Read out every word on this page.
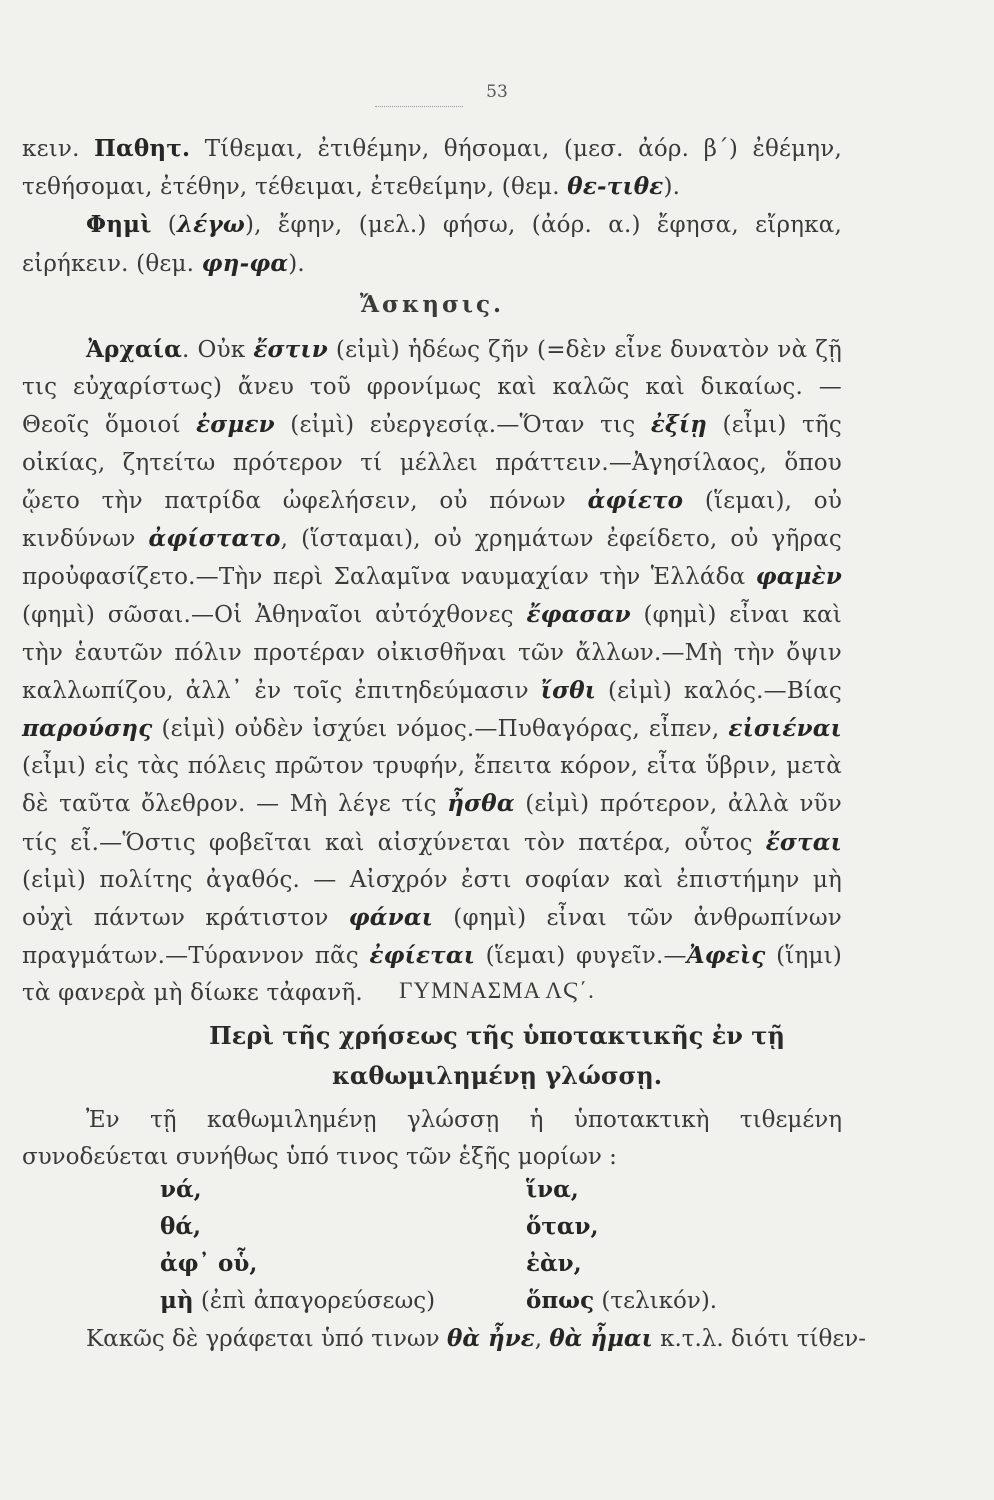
53

κειν. Παθητ. Τίθεμαι, ἐτιθέμην, θήσομαι, (μεσ. ἀόρ. β΄) ἐθέμην, τεθήσομαι, ἐτέθην, τέθειμαι, ἐτεθείμην, (θεμ. θε-τιθε).

Φημὶ (λέγω), ἔφην, (μελ.) φήσω, (ἀόρ. α.) ἔφησα, εἴρηκα, εἰρήκειν. (θεμ. φη-φα).

Ἄσκησις.

Ἀρχαία. Οὐκ ἔστιν (εἰμὶ) ἡδέως ζῆν (=δὲν εἶνε δυνατὸν νὰ ζῇ τις εὐχαρίστως) ἄνευ τοῦ φρονίμως καὶ καλῶς καὶ δικαίως. — Θεοῖς ὅμοιοί ἐσμεν (εἰμὶ) εὐεργεσίᾳ.—Ὅταν τις ἐξίῃ (εἶμι) τῆς οἰκίας, ζητείτω πρότερον τί μέλλει πράττειν.—Ἀγησίλαος, ὅπου ᾤετο τὴν πατρίδα ὠφελήσειν, οὐ πόνων ἀφίετο (ἵεμαι), οὐ κινδύνων ἀφίστατο, (ἵσταμαι), οὐ χρημάτων ἐφείδετο, οὐ γῆρας προὐφασίζετο.—Τὴν περὶ Σαλαμῖνα ναυμαχίαν τὴν Ἑλλάδα φαμὲν (φημὶ) σῶσαι.—Οἱ Ἀθηναῖοι αὐτόχθονες ἔφασαν (φημὶ) εἶναι καὶ τὴν ἑαυτῶν πόλιν προτέραν οἰκισθῆναι τῶν ἄλλων.—Μὴ τὴν ὄψιν καλλωπίζου, ἀλλ᾽ ἐν τοῖς ἐπιτηδεύμασιν ἴσθι (εἰμὶ) καλός.—Βίας παρούσης (εἰμὶ) οὐδὲν ἰσχύει νόμος.—Πυθαγόρας, εἶπεν, εἰσιέναι (εἶμι) εἰς τὰς πόλεις πρῶτον τρυφήν, ἔπειτα κόρον, εἶτα ὕβριν, μετὰ δὲ ταῦτα ὄλεθρον. — Μὴ λέγε τίς ἦσθα (εἰμὶ) πρότερον, ἀλλὰ νῦν τίς εἶ.—Ὅστις φοβεῖται καὶ αἰσχύνεται τὸν πατέρα, οὗτος ἔσται (εἰμὶ) πολίτης ἀγαθός. — Αἰσχρόν ἐστι σοφίαν καὶ ἐπιστήμην μὴ οὐχὶ πάντων κράτιστον φάναι (φημὶ) εἶναι τῶν ἀνθρωπίνων πραγμάτων.—Τύραννον πᾶς ἐφίεται (ἵεμαι) φυγεῖν.—Ἀφεὶς (ἵημι) τὰ φανερὰ μὴ δίωκε τἀφανῆ.	ΓΥΜΝΑΣΜΑ ΛϚ΄.
Περὶ τῆς χρήσεως τῆς ὑποτακτικῆς ἐν τῇ
καθωμιλημένῃ γλώσσῃ.

Ἐν τῇ καθωμιλημένῃ γλώσσῃ ἡ ὑποτακτικὴ τιθεμένη συνοδεύεται συνήθως ὑπό τινος τῶν ἑξῆς μορίων :

νά,	ἵνα,
θά,	ὅταν,
ἀφ᾽ οὗ,	ἐὰν,
μὴ (ἐπὶ ἀπαγορεύσεως)	ὅπως (τελικόν).
Κακῶς δὲ γράφεται ὑπό τινων θὰ ἦνε, θὰ ἦμαι κ.τ.λ. διότι τίθεν-
